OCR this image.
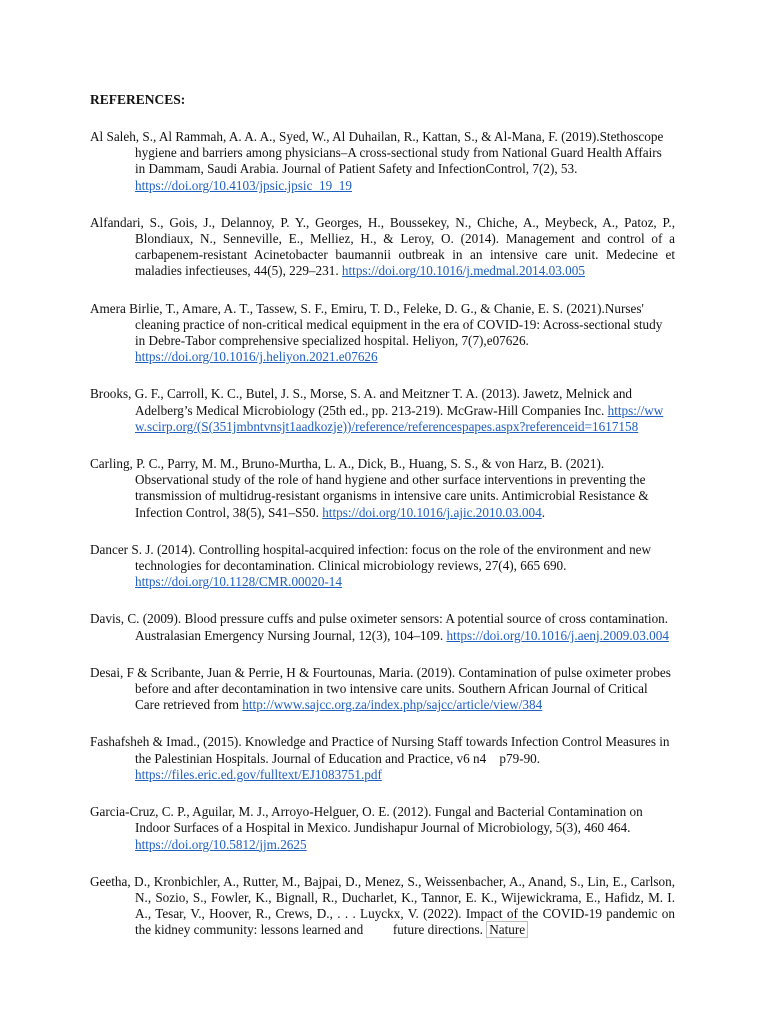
REFERENCES:
Al Saleh, S., Al Rammah, A. A. A., Syed, W., Al Duhailan, R., Kattan, S., & Al-Mana, F. (2019).Stethoscope hygiene and barriers among physicians–A cross-sectional study from National Guard Health Affairs in Dammam, Saudi Arabia. Journal of Patient Safety and InfectionControl, 7(2), 53. https://doi.org/10.4103/jpsic.jpsic_19_19
Alfandari, S., Gois, J., Delannoy, P. Y., Georges, H., Boussekey, N., Chiche, A., Meybeck, A., Patoz, P., Blondiaux, N., Senneville, E., Melliez, H., & Leroy, O. (2014). Management and control of a carbapenem-resistant Acinetobacter baumannii outbreak in an intensive care unit. Medecine et maladies infectieuses, 44(5), 229–231. https://doi.org/10.1016/j.medmal.2014.03.005
Amera Birlie, T., Amare, A. T., Tassew, S. F., Emiru, T. D., Feleke, D. G., & Chanie, E. S. (2021).Nurses' cleaning practice of non-critical medical equipment in the era of COVID-19: Across-sectional study in Debre-Tabor comprehensive specialized hospital. Heliyon, 7(7),e07626. https://doi.org/10.1016/j.heliyon.2021.e07626
Brooks, G. F., Carroll, K. C., Butel, J. S., Morse, S. A. and Meitzner T. A. (2013). Jawetz, Melnick and Adelberg’s Medical Microbiology (25th ed., pp. 213-219). McGraw-Hill Companies Inc. https://www.scirp.org/(S(351jmbntvnsjt1aadkozje))/reference/referencespapes.aspx?referenceid=1617158
Carling, P. C., Parry, M. M., Bruno-Murtha, L. A., Dick, B., Huang, S. S., & von Harz, B. (2021). Observational study of the role of hand hygiene and other surface interventions in preventing the transmission of multidrug-resistant organisms in intensive care units. Antimicrobial Resistance & Infection Control, 38(5), S41–S50. https://doi.org/10.1016/j.ajic.2010.03.004.
Dancer S. J. (2014). Controlling hospital-acquired infection: focus on the role of the environment and new technologies for decontamination. Clinical microbiology reviews, 27(4), 665 690. https://doi.org/10.1128/CMR.00020-14
Davis, C. (2009). Blood pressure cuffs and pulse oximeter sensors: A potential source of cross contamination. Australasian Emergency Nursing Journal, 12(3), 104–109. https://doi.org/10.1016/j.aenj.2009.03.004
Desai, F & Scribante, Juan & Perrie, H & Fourtounas, Maria. (2019). Contamination of pulse oximeter probes before and after decontamination in two intensive care units. Southern African Journal of Critical Care retrieved from http://www.sajcc.org.za/index.php/sajcc/article/view/384
Fashafsheh & Imad., (2015). Knowledge and Practice of Nursing Staff towards Infection Control Measures in the Palestinian Hospitals. Journal of Education and Practice, v6 n4    p79-90. https://files.eric.ed.gov/fulltext/EJ1083751.pdf
Garcia-Cruz, C. P., Aguilar, M. J., Arroyo-Helguer, O. E. (2012). Fungal and Bacterial Contamination on Indoor Surfaces of a Hospital in Mexico. Jundishapur Journal of Microbiology, 5(3), 460 464. https://doi.org/10.5812/jjm.2625
Geetha, D., Kronbichler, A., Rutter, M., Bajpai, D., Menez, S., Weissenbacher, A., Anand, S., Lin, E., Carlson, N., Sozio, S., Fowler, K., Bignall, R., Ducharlet, K., Tannor, E. K., Wijewickrama, E., Hafidz, M. I. A., Tesar, V., Hoover, R., Crews, D., . . . Luyckx, V. (2022). Impact of the COVID-19 pandemic on the kidney community: lessons learned and         future directions. Nature
